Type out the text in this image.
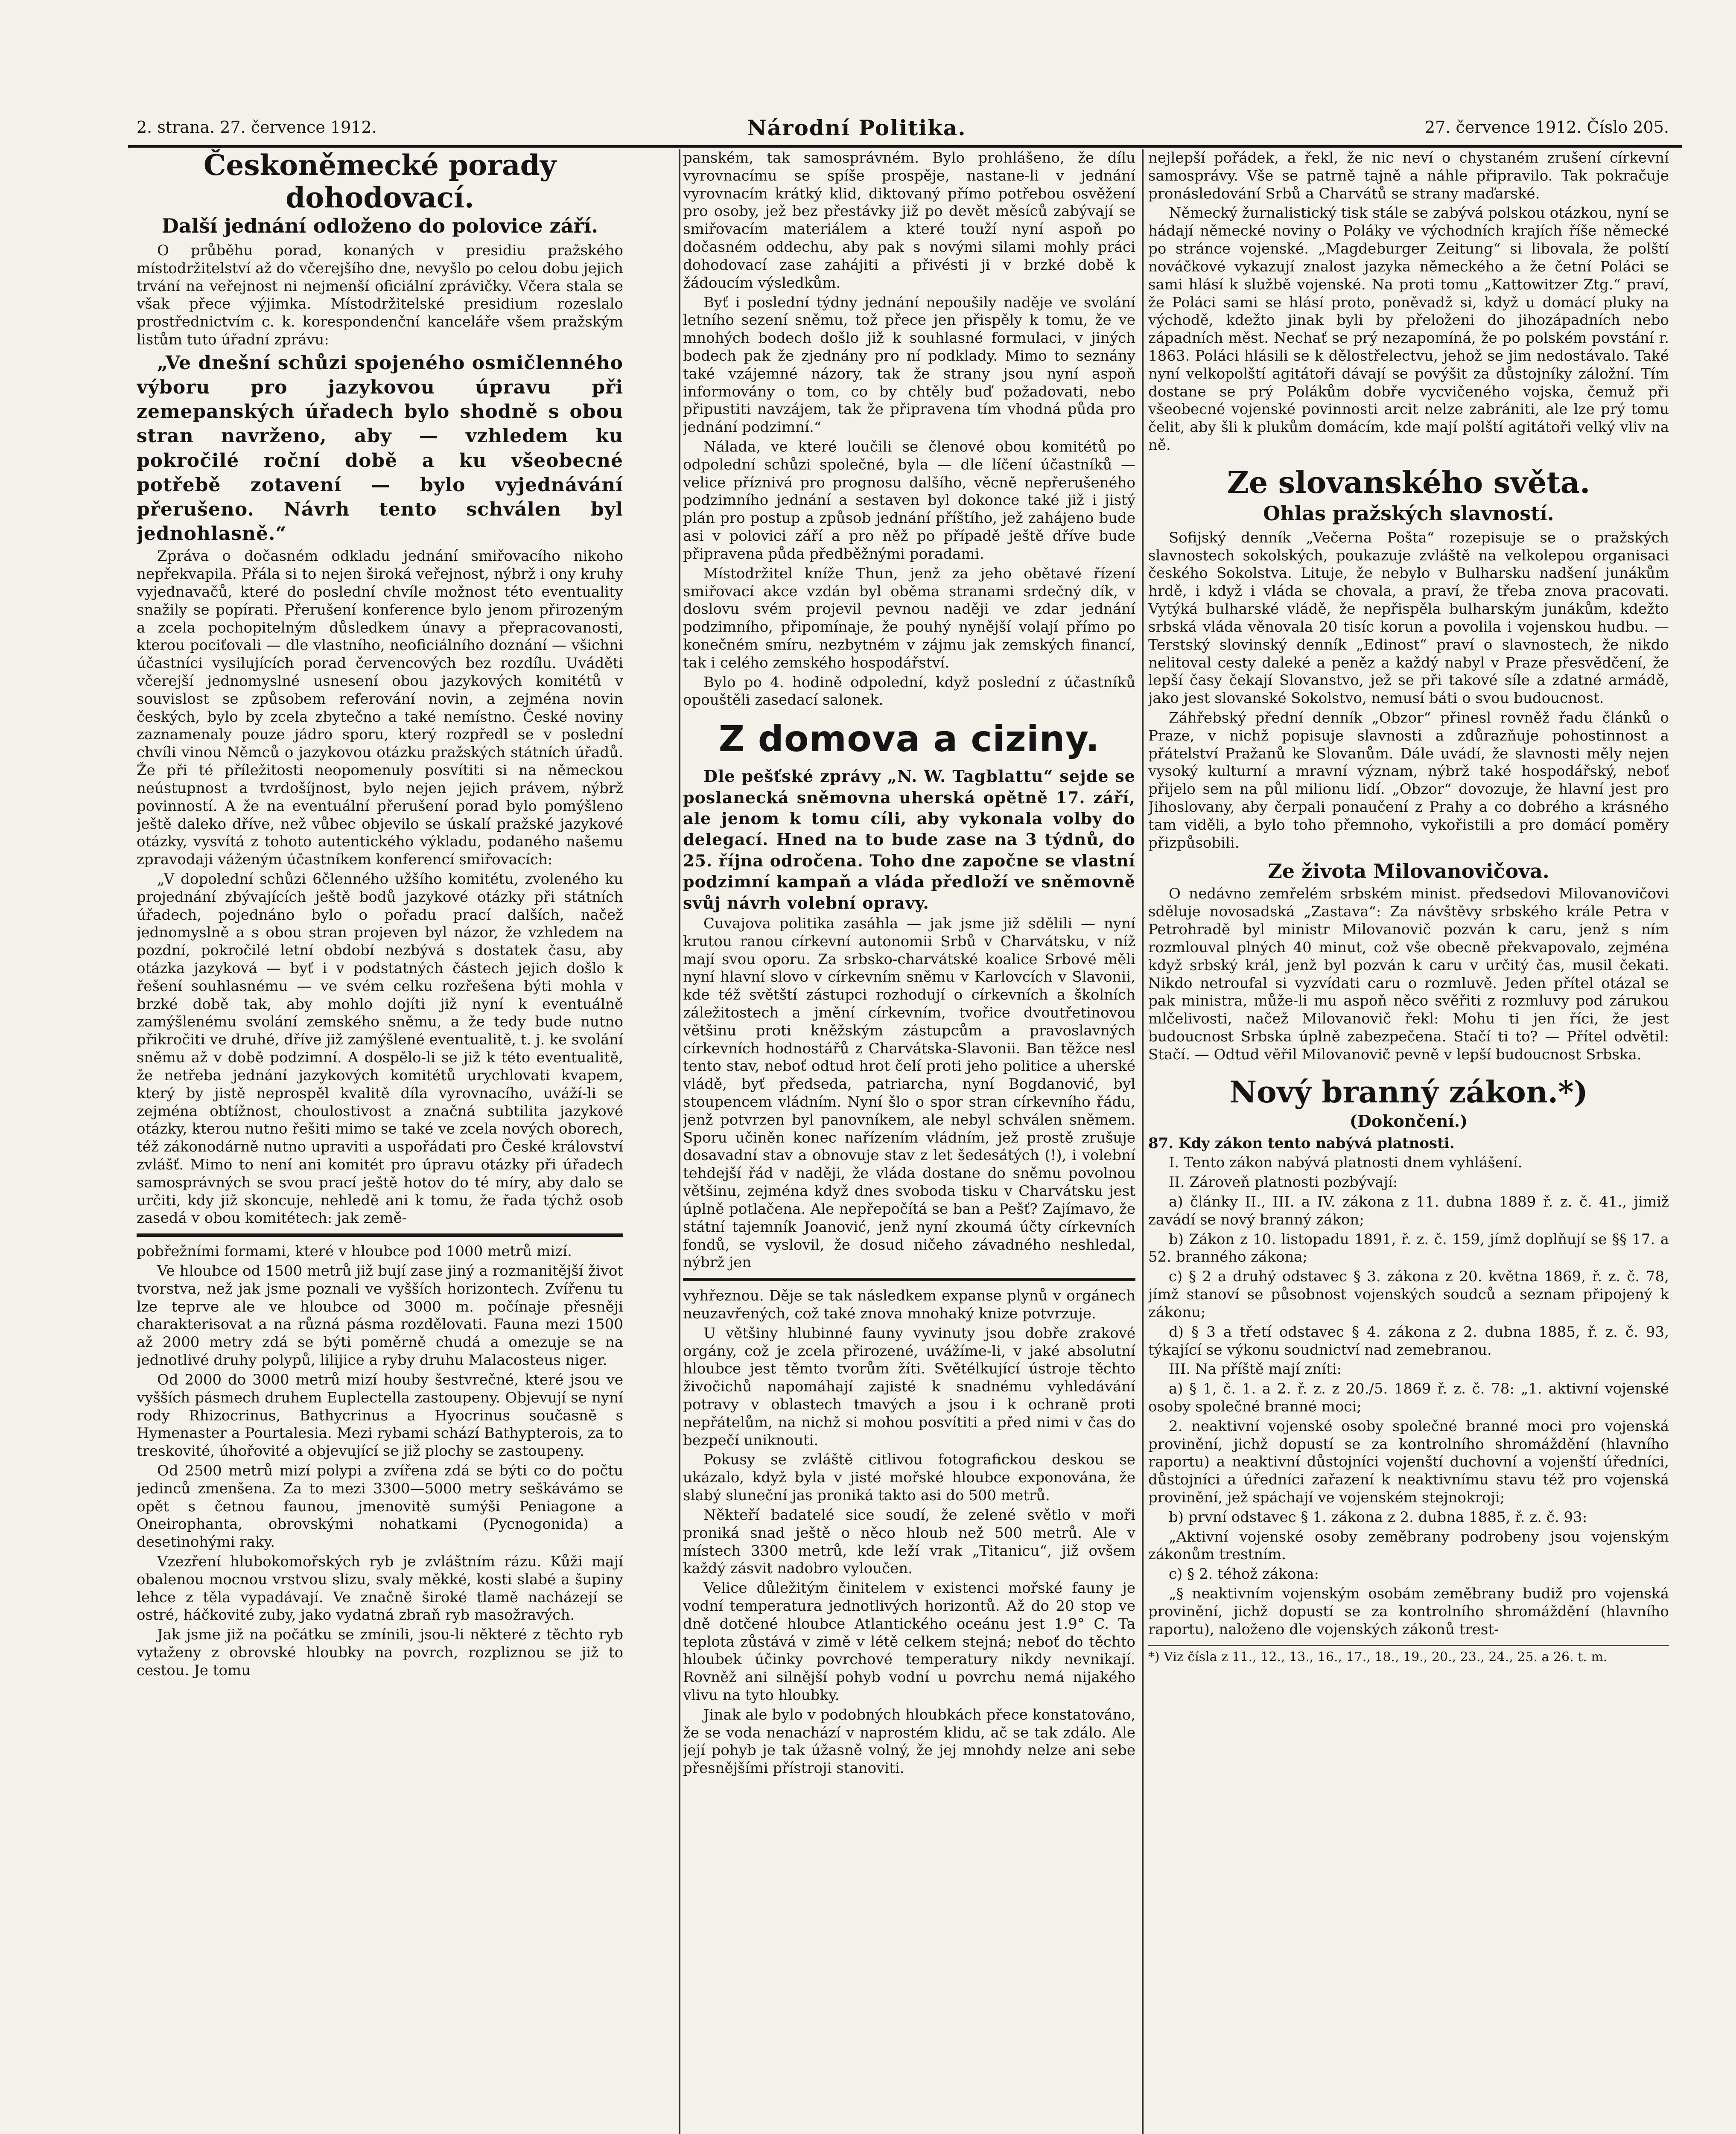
2. strana. 27. července 1912.	Národní Politika.	27. července 1912. Číslo 205.
Českoněmecké porady dohodovací.
Další jednání odloženo do polovice září.

O průběhu porad, konaných v presidiu pražského místodržitelství až do včerejšího dne, nevyšlo po celou dobu jejich trvání na veřejnost ni nejmenší oficiální zprávičky. Včera stala se však přece výjimka. Místodržitelské presidium rozeslalo prostřednictvím c. k. korespondenční kanceláře všem pražským listům tuto úřadní zprávu:

„Ve dnešní schůzi spojeného osmičlenného výboru pro jazykovou úpravu při zemepanských úřadech bylo shodně s obou stran navrženo, aby — vzhledem ku pokročilé roční době a ku všeobecné potřebě zotavení — bylo vyjednávání přerušeno. Návrh tento schválen byl jednohlasně.“

Zpráva o dočasném odkladu jednání smiřovacího nikoho nepřekvapila. Přála si to nejen široká veřejnost, nýbrž i ony kruhy vyjednavačů, které do poslední chvíle možnost této eventuality snažily se popírati. Přerušení konference bylo jenom přirozeným a zcela pochopitelným důsledkem únavy a přepracovanosti, kterou pociťovali — dle vlastního, neoficiálního doznání — všichni účastníci vysilujících porad červencových bez rozdílu. Uváděti včerejší jednomyslné usnesení obou jazykových komitétů v souvislost se způsobem referování novin, a zejména novin českých, bylo by zcela zbytečno a také nemístno. České noviny zaznamenaly pouze jádro sporu, který rozpředl se v poslední chvíli vinou Němců o jazykovou otázku pražských státních úřadů. Že při té příležitosti neopomenuly posvítiti si na německou neústupnost a tvrdošíjnost, bylo nejen jejich právem, nýbrž povinností. A že na eventuální přerušení porad bylo pomýšleno ještě daleko dříve, než vůbec objevilo se úskalí pražské jazykové otázky, vysvítá z tohoto autentického výkladu, podaného našemu zpravodaji váženým účastníkem konferencí smiřovacích:

„V dopolední schůzi 6členného užšího komitétu, zvoleného ku projednání zbývajících ještě bodů jazykové otázky při státních úřadech, pojednáno bylo o pořadu prací dalších, načež jednomyslně a s obou stran projeven byl názor, že vzhledem na pozdní, pokročilé letní období nezbývá s dostatek času, aby otázka jazyková — byť i v podstatných částech jejich došlo k řešení souhlasnému — ve svém celku rozřešena býti mohla v brzké době tak, aby mohlo dojíti již nyní k eventuálně zamýšlenému svolání zemského sněmu, a že tedy bude nutno přikročiti ve druhé, dříve již zamýšlené eventualitě, t. j. ke svolání sněmu až v době podzimní. A dospělo-li se již k této eventualitě, že netřeba jednání jazykových komitétů urychlovati kvapem, který by jistě neprospěl kvalitě díla vyrovnacího, uváží-li se zejména obtížnost, choulostivost a značná subtilita jazykové otázky, kterou nutno řešiti mimo se také ve zcela nových oborech, též zákonodárně nutno upraviti a uspořádati pro České království zvlášť. Mimo to není ani komitét pro úpravu otázky při úřadech samosprávných se svou prací ještě hotov do té míry, aby dalo se určiti, kdy již skoncuje, nehledě ani k tomu, že řada týchž osob zasedá v obou komitétech: jak země-

pobřežními formami, které v hloubce pod 1000 metrů mizí.

Ve hloubce od 1500 metrů již bují zase jiný a rozmanitější život tvorstva, než jak jsme poznali ve vyšších horizontech. Zvířenu tu lze teprve ale ve hloubce od 3000 m. počínaje přesněji charakterisovat a na různá pásma rozdělovati. Fauna mezi 1500 až 2000 metry zdá se býti poměrně chudá a omezuje se na jednotlivé druhy polypů, lilijice a ryby druhu Malacosteus niger.

Od 2000 do 3000 metrů mizí houby šestvrečné, které jsou ve vyšších pásmech druhem Euplectella zastoupeny. Objevují se nyní rody Rhizocrinus, Bathycrinus a Hyocrinus současně s Hymenaster a Pourtalesia. Mezi rybami schází Bathypterois, za to treskovité, úhořovité a objevující se již plochy se zastoupeny.

Od 2500 metrů mizí polypi a zvířena zdá se býti co do počtu jedinců zmenšena. Za to mezi 3300—5000 metry seškávámo se opět s četnou faunou, jmenovitě sumýši Peniagone a Oneirophanta, obrovskými nohatkami (Pycnogonida) a desetinohými raky.

Vzezření hlubokomořských ryb je zvláštním rázu. Kůži mají obalenou mocnou vrstvou slizu, svaly měkké, kosti slabé a šupiny lehce z těla vypadávají. Ve značně široké tlamě nacházejí se ostré, háčkovité zuby, jako vydatná zbraň ryb masožravých.

Jak jsme již na počátku se zmínili, jsou-li některé z těchto ryb vytaženy z obrovské hloubky na povrch, rozpliznou se již to cestou. Je tomu

panském, tak samosprávném. Bylo prohlášeno, že dílu vyrovnacímu se spíše prospěje, nastane-li v jednání vyrovnacím krátký klid, diktovaný přímo potřebou osvěžení pro osoby, jež bez přestávky již po devět měsíců zabývají se smiřovacím materiálem a které touží nyní aspoň po dočasném oddechu, aby pak s novými silami mohly práci dohodovací zase zahájiti a přivésti ji v brzké době k žádoucím výsledkům.

Byť i poslední týdny jednání nepoušily naděje ve svolání letního sezení sněmu, tož přece jen přispěly k tomu, že ve mnohých bodech došlo již k souhlasné formulaci, v jiných bodech pak že zjednány pro ní podklady. Mimo to seznány také vzájemné názory, tak že strany jsou nyní aspoň informovány o tom, co by chtěly buď požadovati, nebo připustiti navzájem, tak že připravena tím vhodná půda pro jednání podzimní.“

Nálada, ve které loučili se členové obou komitétů po odpolední schůzi společné, byla — dle líčení účastníků — velice příznivá pro prognosu dalšího, věcně nepřerušeného podzimního jednání a sestaven byl dokonce také již i jistý plán pro postup a způsob jednání příštího, jež zahájeno bude asi v polovici září a pro něž po případě ještě dříve bude připravena půda předběžnými poradami.

Místodržitel kníže Thun, jenž za jeho obětavé řízení smiřovací akce vzdán byl oběma stranami srdečný dík, v doslovu svém projevil pevnou naději ve zdar jednání podzimního, připomínaje, že pouhý nynější volají přímo po konečném smíru, nezbytném v zájmu jak zemských financí, tak i celého zemského hospodářství.

Bylo po 4. hodině odpolední, když poslední z účastníků opouštěli zasedací salonek.

Z domova a ciziny.

Dle pešťské zprávy „N. W. Tagblattu“ sejde se poslanecká sněmovna uherská opětně 17. září, ale jenom k tomu cíli, aby vykonala volby do delegací. Hned na to bude zase na 3 týdnů, do 25. října odročena. Toho dne započne se vlastní podzimní kampaň a vláda předloží ve sněmovně svůj návrh volební opravy.

Cuvajova politika zasáhla — jak jsme již sdělili — nyní krutou ranou církevní autonomii Srbů v Charvátsku, v níž mají svou oporu. Za srbsko-charvátské koalice Srbové měli nyní hlavní slovo v církevním sněmu v Karlovcích v Slavonii, kde též světští zástupci rozhodují o církevních a školních záležitostech a jmění církevním, tvořice dvoutřetinovou většinu proti kněžským zástupcům a pravoslavných církevních hodnostářů z Charvátska-Slavonii. Ban těžce nesl tento stav, neboť odtud hrot čelí proti jeho politice a uherské vládě, byť předseda, patriarcha, nyní Bogdanović, byl stoupencem vládním. Nyní šlo o spor stran církevního řádu, jenž potvrzen byl panovníkem, ale nebyl schválen sněmem. Sporu učiněn konec nařízením vládním, jež prostě zrušuje dosavadní stav a obnovuje stav z let šedesátých (!), i volební tehdejší řád v naději, že vláda dostane do sněmu povolnou většinu, zejména když dnes svoboda tisku v Charvátsku jest úplně potlačena. Ale nepřepočítá se ban a Pešť? Zajímavo, že státní tajemník Joanović, jenž nyní zkoumá účty církevních fondů, se vyslovil, že dosud ničeho závadného neshledal, nýbrž jen

vyhřeznou. Děje se tak následkem expanse plynů v orgánech neuzavřených, což také znova mnohaký knize potvrzuje.

U většiny hlubinné fauny vyvinuty jsou dobře zrakové orgány, což je zcela přirozené, uvážíme-li, v jaké absolutní hloubce jest těmto tvorům žíti. Světélkující ústroje těchto živočichů napomáhají zajisté k snadnému vyhledávání potravy v oblastech tmavých a jsou i k ochraně proti nepřátelům, na nichž si mohou posvítiti a před nimi v čas do bezpečí uniknouti.

Pokusy se zvláště citlivou fotografickou deskou se ukázalo, když byla v jisté mořské hloubce exponována, že slabý sluneční jas proniká takto asi do 500 metrů.

Někteří badatelé sice soudí, že zelené světlo v moři proniká snad ještě o něco hloub než 500 metrů. Ale v místech 3300 metrů, kde leží vrak „Titanicu“, již ovšem každý zásvit nadobro vyloučen.

Velice důležitým činitelem v existenci mořské fauny je vodní temperatura jednotlivých horizontů. Až do 20 stop ve dně dotčené hloubce Atlantického oceánu jest 1.9° C. Ta teplota zůstává v zimě v létě celkem stejná; neboť do těchto hloubek účinky povrchové temperatury nikdy nevnikají. Rovněž ani silnější pohyb vodní u povrchu nemá nijakého vlivu na tyto hloubky.

Jinak ale bylo v podobných hloubkách přece konstatováno, že se voda nenachází v naprostém klidu, ač se tak zdálo. Ale její pohyb je tak úžasně volný, že jej mnohdy nelze ani sebe přesnějšími přístroji stanoviti.

nejlepší pořádek, a řekl, že nic neví o chystaném zrušení církevní samosprávy. Vše se patrně tajně a náhle připravilo. Tak pokračuje pronásledování Srbů a Charvátů se strany maďarské.

Německý žurnalistický tisk stále se zabývá polskou otázkou, nyní se hádají německé noviny o Poláky ve východních krajích říše německé po stránce vojenské. „Magdeburger Zeitung“ si libovala, že polští nováčkové vykazují znalost jazyka německého a že četní Poláci se sami hlásí k službě vojenské. Na proti tomu „Kattowitzer Ztg.“ praví, že Poláci sami se hlásí proto, poněvadž si, když u domácí pluky na východě, kdežto jinak byli by přeloženi do jihozápadních nebo západních měst. Nechať se prý nezapomíná, že po polském povstání r. 1863. Poláci hlásili se k dělostřelectvu, jehož se jim nedostávalo. Také nyní velkopolští agitátoři dávají se povýšit za důstojníky záložní. Tím dostane se prý Polákům dobře vycvičeného vojska, čemuž při všeobecné vojenské povinnosti arcit nelze zabrániti, ale lze prý tomu čelit, aby šli k plukům domácím, kde mají polští agitátoři velký vliv na ně.

Ze slovanského světa.
Ohlas pražských slavností.

Sofijský denník „Večerna Pošta“ rozepisuje se o pražských slavnostech sokolských, poukazuje zvláště na velkolepou organisaci českého Sokolstva. Lituje, že nebylo v Bulharsku nadšení junákům hrdě, i když i vláda se chovala, a praví, že třeba znova pracovati. Vytýká bulharské vládě, že nepřispěla bulharským junákům, kdežto srbská vláda věnovala 20 tisíc korun a povolila i vojenskou hudbu. — Terstský slovinský denník „Edinost“ praví o slavnostech, že nikdo nelitoval cesty daleké a peněz a každý nabyl v Praze přesvědčení, že lepší časy čekají Slovanstvo, jež se při takové síle a zdatné armádě, jako jest slovanské Sokolstvo, nemusí báti o svou budoucnost.

Záhřebský přední denník „Obzor“ přinesl rovněž řadu článků o Praze, v nichž popisuje slavnosti a zdůrazňuje pohostinnost a přátelství Pražanů ke Slovanům. Dále uvádí, že slavnosti měly nejen vysoký kulturní a mravní význam, nýbrž také hospodářský, neboť přijelo sem na půl milionu lidí. „Obzor“ dovozuje, že hlavní jest pro Jihoslovany, aby čerpali ponaučení z Prahy a co dobrého a krásného tam viděli, a bylo toho přemnoho, vykořistili a pro domácí poměry přizpůsobili.

Ze života Milovanovičova.

O nedávno zemřelém srbském minist. předsedovi Milovanovičovi sděluje novosadská „Zastava“: Za návštěvy srbského krále Petra v Petrohradě byl ministr Milovanovič pozván k caru, jenž s ním rozmlouval plných 40 minut, což vše obecně překvapovalo, zejména když srbský král, jenž byl pozván k caru v určitý čas, musil čekati. Nikdo netroufal si vyzvídati caru o rozmluvě. Jeden přítel otázal se pak ministra, může-li mu aspoň něco svěřiti z rozmluvy pod zárukou mlčelivosti, načež Milovanovič řekl: Mohu ti jen říci, že jest budoucnost Srbska úplně zabezpečena. Stačí ti to? — Přítel odvětil: Stačí. — Odtud věřil Milovanovič pevně v lepší budoucnost Srbska.

Nový branný zákon.*)
(Dokončení.)

87. Kdy zákon tento nabývá platnosti.

I. Tento zákon nabývá platnosti dnem vyhlášení.

II. Zároveň platnosti pozbývají:

a) články II., III. a IV. zákona z 11. dubna 1889 ř. z. č. 41., jimiž zavádí se nový branný zákon;

b) Zákon z 10. listopadu 1891, ř. z. č. 159, jímž doplňují se §§ 17. a 52. branného zákona;

c) § 2 a druhý odstavec § 3. zákona z 20. května 1869, ř. z. č. 78, jímž stanoví se působnost vojenských soudců a seznam připojený k zákonu;

d) § 3 a třetí odstavec § 4. zákona z 2. dubna 1885, ř. z. č. 93, týkající se výkonu soudnictví nad zemebranou.

III. Na příště mají zníti:

a) § 1, č. 1. a 2. ř. z. z 20./5. 1869 ř. z. č. 78: „1. aktivní vojenské osoby společné branné moci;

2. neaktivní vojenské osoby společné branné moci pro vojenská provinění, jichž dopustí se za kontrolního shromáždění (hlavního raportu) a neaktivní důstojníci vojenští duchovní a vojenští úředníci, důstojníci a úředníci zařazení k neaktivnímu stavu též pro vojenská provinění, jež spáchají ve vojenském stejnokroji;

b) první odstavec § 1. zákona z 2. dubna 1885, ř. z. č. 93:

„Aktivní vojenské osoby zeměbrany podrobeny jsou vojenským zákonům trestním.

c) § 2. téhož zákona:

„§ neaktivním vojenským osobám zeměbrany budiž pro vojenská provinění, jichž dopustí se za kontrolního shromáždění (hlavního raportu), naloženo dle vojenských zákonů trest-

*) Viz čísla z 11., 12., 13., 16., 17., 18., 19., 20., 23., 24., 25. a 26. t. m.
